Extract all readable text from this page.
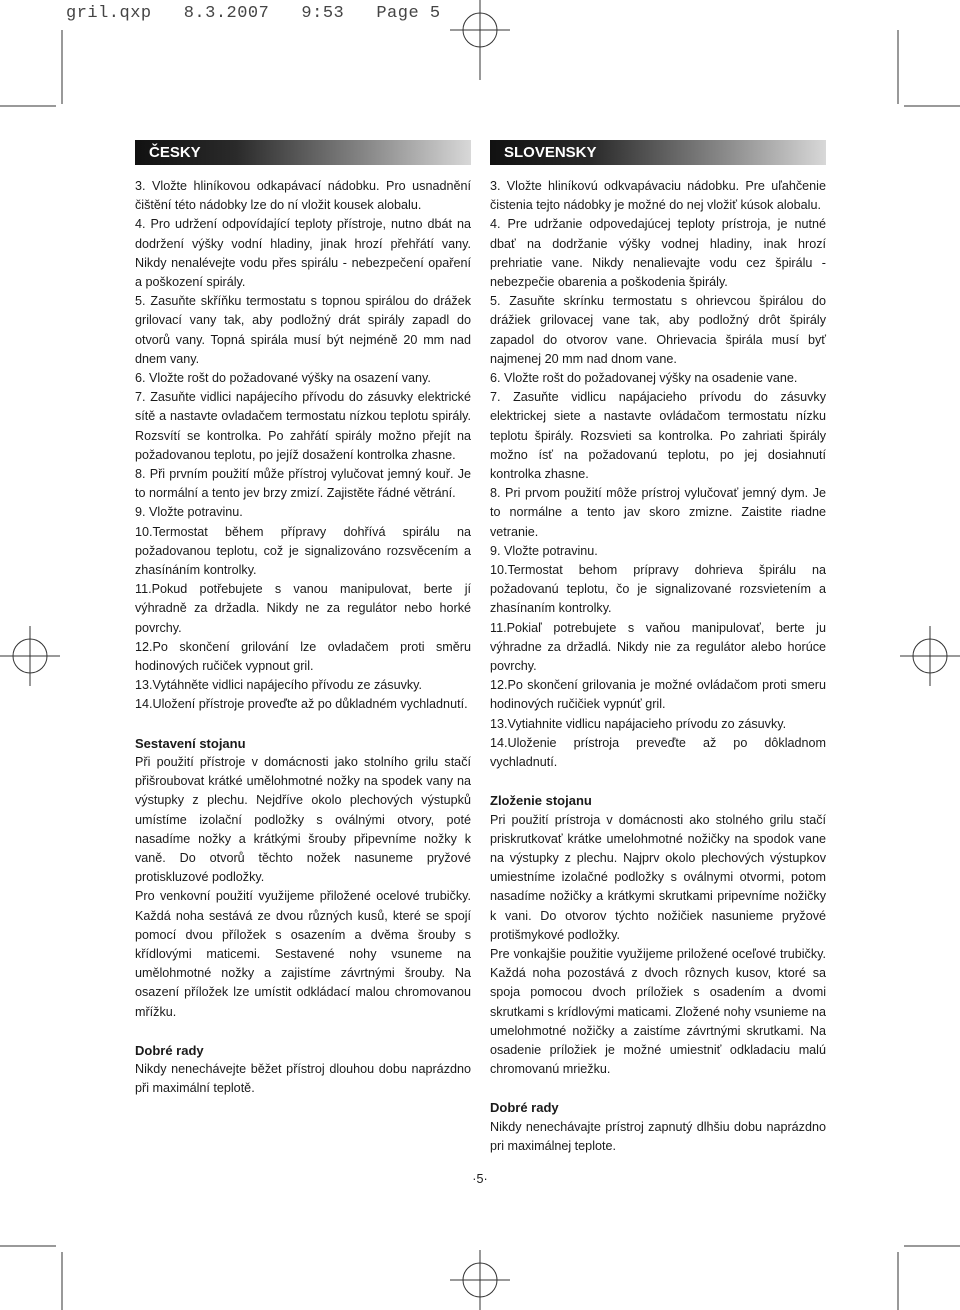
gril.qxp   8.3.2007   9:53   Page 5
ČESKY

3. Vložte hliníkovou odkapávací nádobku. Pro usnadnění čištění této nádobky lze do ní vložit kousek alobalu.

4. Pro udržení odpovídající teploty přístroje, nutno dbát na dodržení výšky vodní hladiny, jinak hrozí přehřátí vany. Nikdy nenalévejte vodu přes spirálu - nebezpečení opaření a poškození spirály.

5. Zasuňte skříňku termostatu s topnou spirálou do drážek grilovací vany tak, aby podložný drát spirály zapadl do otvorů vany. Topná spirála musí být nejméně 20 mm nad dnem vany.

6. Vložte rošt do požadované výšky na osazení vany.

7. Zasuňte vidlici napájecího přívodu do zásuvky elektrické sítě a nastavte ovladačem termostatu nízkou teplotu spirály. Rozsvítí se kontrolka. Po zahřátí spirály možno přejít na požadovanou teplotu, po jejíž dosažení kontrolka zhasne.

8. Při prvním použití může přístroj vylučovat jemný kouř. Je to normální a tento jev brzy zmizí. Zajistěte řádné větrání.

9. Vložte potravinu.

10.Termostat během přípravy dohřívá spirálu na požadovanou teplotu, což je signalizováno rozsvěcením a zhasínáním kontrolky.

11.Pokud potřebujete s vanou manipulovat, berte jí výhradně za držadla. Nikdy ne za regulátor nebo horké povrchy.

12.Po skončení grilování lze ovladačem proti směru hodinových ručiček vypnout gril.

13.Vytáhněte vidlici napájecího přívodu ze zásuvky.

14.Uložení přístroje proveďte až po důkladném vychladnutí.

Sestavení stojanu

Při použití přístroje v domácnosti jako stolního grilu stačí přišroubovat krátké umělohmotné nožky na spodek vany na výstupky z plechu. Nejdříve okolo plechových výstupků umístíme izolační podložky s oválnými otvory, poté nasadíme nožky a krátkými šrouby připevníme nožky k vaně. Do otvorů těchto nožek nasuneme pryžové protiskluzové podložky.

Pro venkovní použití využijeme přiložené ocelové trubičky. Každá noha sestává ze dvou různých kusů, které se spojí pomocí dvou příložek s osazením a dvěma šrouby s křídlovými maticemi. Sestavené nohy vsuneme na umělohmotné nožky a zajistíme závrtnými šrouby. Na osazení příložek lze umístit odkládací malou chromovanou mřížku.

Dobré rady

Nikdy nenechávejte běžet přístroj dlouhou dobu naprázdno při maximální teplotě.

SLOVENSKY

3. Vložte hliníkovú odkvapávaciu nádobku. Pre uľahčenie čistenia tejto nádobky je možné do nej vložiť kúsok alobalu.

4. Pre udržanie odpovedajúcej teploty prístroja, je nutné dbať na dodržanie výšky vodnej hladiny, inak hrozí prehriatie vane. Nikdy nenalievajte vodu cez špirálu - nebezpečie obarenia a poškodenia špirály.

5. Zasuňte skrínku termostatu s ohrievcou špirálou do drážiek grilovacej vane tak, aby podložný drôt špirály zapadol do otvorov vane. Ohrievacia špirála musí byť najmenej 20 mm nad dnom vane.

6. Vložte rošt do požadovanej výšky na osadenie vane.

7. Zasuňte vidlicu napájacieho prívodu do zásuvky elektrickej siete a nastavte ovládačom termostatu nízku teplotu špirály. Rozsvieti sa kontrolka. Po zahriati špirály možno ísť na požadovanú teplotu, po jej dosiahnutí kontrolka zhasne.

8. Pri prvom použití môže prístroj vylučovať jemný dym. Je to normálne a tento jav skoro zmizne. Zaistite riadne vetranie.

9. Vložte potravinu.

10.Termostat behom prípravy dohrieva špirálu na požadovanú teplotu, čo je signalizované rozsvietením a zhasínaním kontrolky.

11.Pokiaľ potrebujete s vaňou manipulovať, berte ju výhradne za držadlá. Nikdy nie za regulátor alebo horúce povrchy.

12.Po skončení grilovania je možné ovládačom proti smeru hodinových ručičiek vypnúť gril.

13.Vytiahnite vidlicu napájacieho prívodu zo zásuvky.

14.Uloženie prístroja preveďte až po dôkladnom vychladnutí.

Zloženie stojanu

Pri použití prístroja v domácnosti ako stolného grilu stačí priskrutkovať krátke umelohmotné nožičky na spodok vane na výstupky z plechu. Najprv okolo plechových výstupkov umiestníme izolačné podložky s oválnymi otvormi, potom nasadíme nožičky a krátkymi skrutkami pripevníme nožičky k vani. Do otvorov týchto nožičiek nasunieme pryžové protišmykové podložky.

Pre vonkajšie použitie využijeme priložené oceľové trubičky. Každá noha pozostává z dvoch rôznych kusov, ktoré sa spoja pomocou dvoch príložiek s osadením a dvomi skrutkami s krídlovými maticami. Zložené nohy vsunieme na umelohmotné nožičky a zaistíme závrtnými skrutkami. Na osadenie príložiek je možné umiestniť odkladaciu malú chromovanú mriežku.

Dobré rady

Nikdy nenechávajte prístroj zapnutý dlhšiu dobu naprázdno pri maximálnej teplote.

·5·
